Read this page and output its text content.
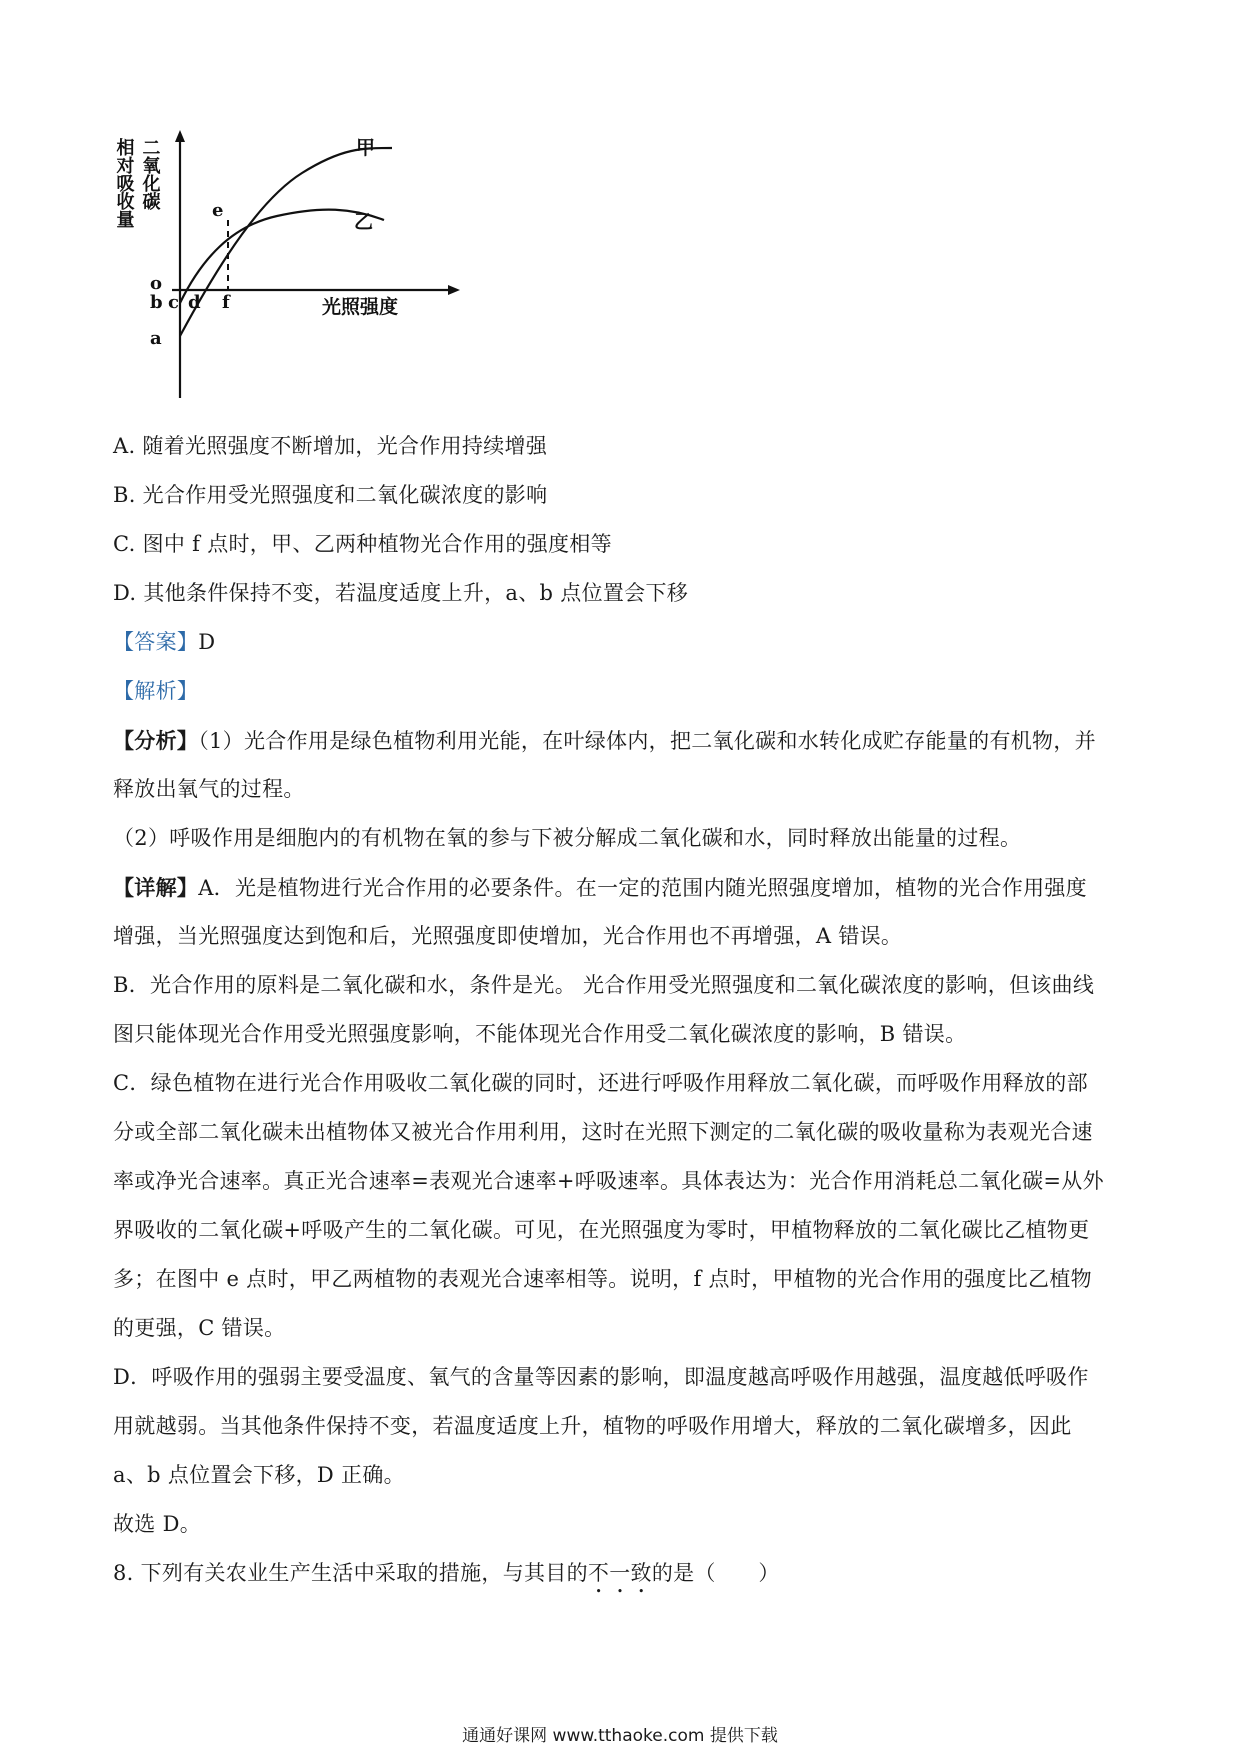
相对吸收量 二氧化碳
光照强度
甲
乙
o
b
a
c d
e
f
A. 随着光照强度不断增加，光合作用持续增强
B. 光合作用受光照强度和二氧化碳浓度的影响
C. 图中 f 点时，甲、乙两种植物光合作用的强度相等
D. 其他条件保持不变，若温度适度上升，a、b 点位置会下移
【答案】D
【解析】
【分析】（1）光合作用是绿色植物利用光能，在叶绿体内，把二氧化碳和水转化成贮存能量的有机物，并
释放出氧气的过程。
（2）呼吸作用是细胞内的有机物在氧的参与下被分解成二氧化碳和水，同时释放出能量的过程。
【详解】A．光是植物进行光合作用的必要条件。在一定的范围内随光照强度增加，植物的光合作用强度
增强，当光照强度达到饱和后，光照强度即使增加，光合作用也不再增强，A 错误。
B．光合作用的原料是二氧化碳和水，条件是光。 光合作用受光照强度和二氧化碳浓度的影响，但该曲线
图只能体现光合作用受光照强度影响，不能体现光合作用受二氧化碳浓度的影响，B 错误。
C．绿色植物在进行光合作用吸收二氧化碳的同时，还进行呼吸作用释放二氧化碳，而呼吸作用释放的部
分或全部二氧化碳未出植物体又被光合作用利用，这时在光照下测定的二氧化碳的吸收量称为表观光合速
率或净光合速率。真正光合速率=表观光合速率+呼吸速率。具体表达为：光合作用消耗总二氧化碳=从外
界吸收的二氧化碳+呼吸产生的二氧化碳。可见，在光照强度为零时，甲植物释放的二氧化碳比乙植物更
多；在图中 e 点时，甲乙两植物的表观光合速率相等。说明，f 点时，甲植物的光合作用的强度比乙植物
的更强，C 错误。
D．呼吸作用的强弱主要受温度、氧气的含量等因素的影响，即温度越高呼吸作用越强，温度越低呼吸作
用就越弱。当其他条件保持不变，若温度适度上升，植物的呼吸作用增大，释放的二氧化碳增多，因此
a、b 点位置会下移，D 正确。
故选 D。
8. 下列有关农业生产生活中采取的措施，与其目的不一致的是（　　）
通通好课网 www.tthaoke.com 提供下载
